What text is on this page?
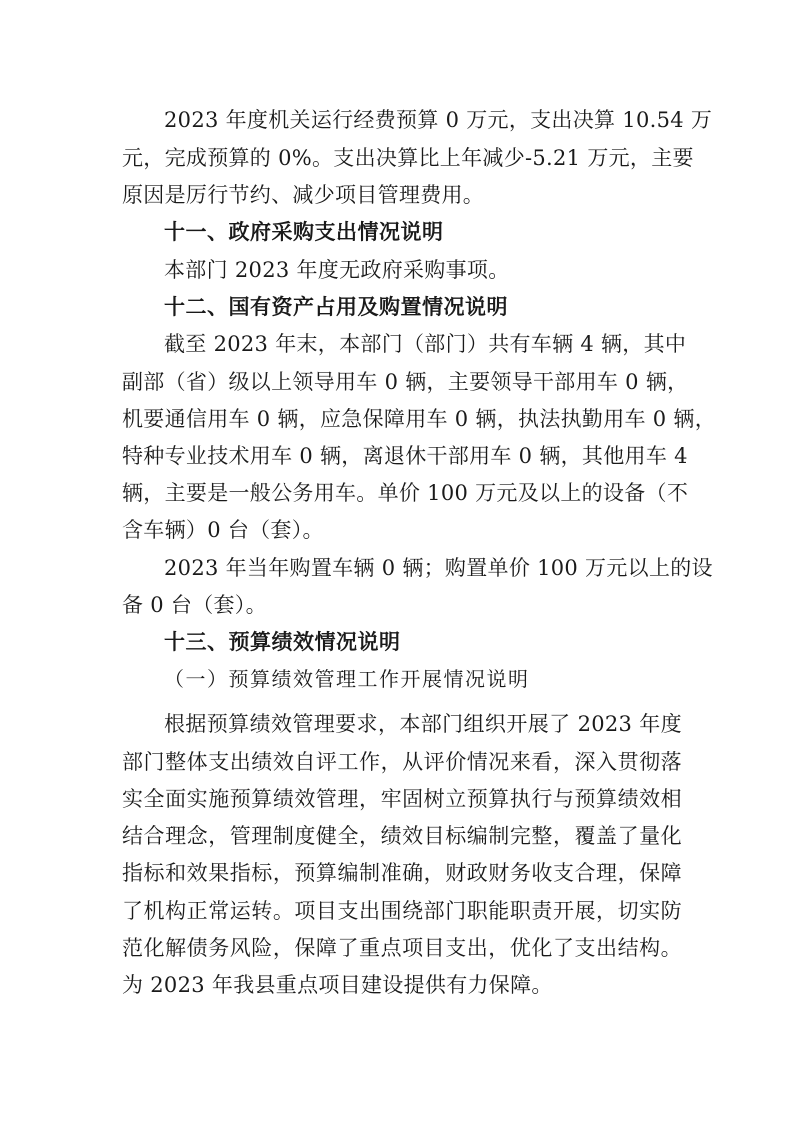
2023 年度机关运行经费预算 0 万元，支出决算 10.54 万
元，完成预算的 0%。支出决算比上年减少-5.21 万元，主要
原因是厉行节约、减少项目管理费用。
十一、政府采购支出情况说明
本部门 2023 年度无政府采购事项。
十二、国有资产占用及购置情况说明
截至 2023 年末，本部门（部门）共有车辆 4 辆，其中
副部（省）级以上领导用车 0 辆，主要领导干部用车 0 辆，
机要通信用车 0 辆，应急保障用车 0 辆，执法执勤用车 0 辆，
特种专业技术用车 0 辆，离退休干部用车 0 辆，其他用车 4
辆，主要是一般公务用车。单价 100 万元及以上的设备（不
含车辆）0 台（套）。
2023 年当年购置车辆 0 辆；购置单价 100 万元以上的设
备 0 台（套）。
十三、预算绩效情况说明
（一）预算绩效管理工作开展情况说明
根据预算绩效管理要求，本部门组织开展了 2023 年度
部门整体支出绩效自评工作，从评价情况来看，深入贯彻落
实全面实施预算绩效管理，牢固树立预算执行与预算绩效相
结合理念，管理制度健全，绩效目标编制完整，覆盖了量化
指标和效果指标，预算编制准确，财政财务收支合理，保障
了机构正常运转。项目支出围绕部门职能职责开展，切实防
范化解债务风险，保障了重点项目支出，优化了支出结构。
为 2023 年我县重点项目建设提供有力保障。
